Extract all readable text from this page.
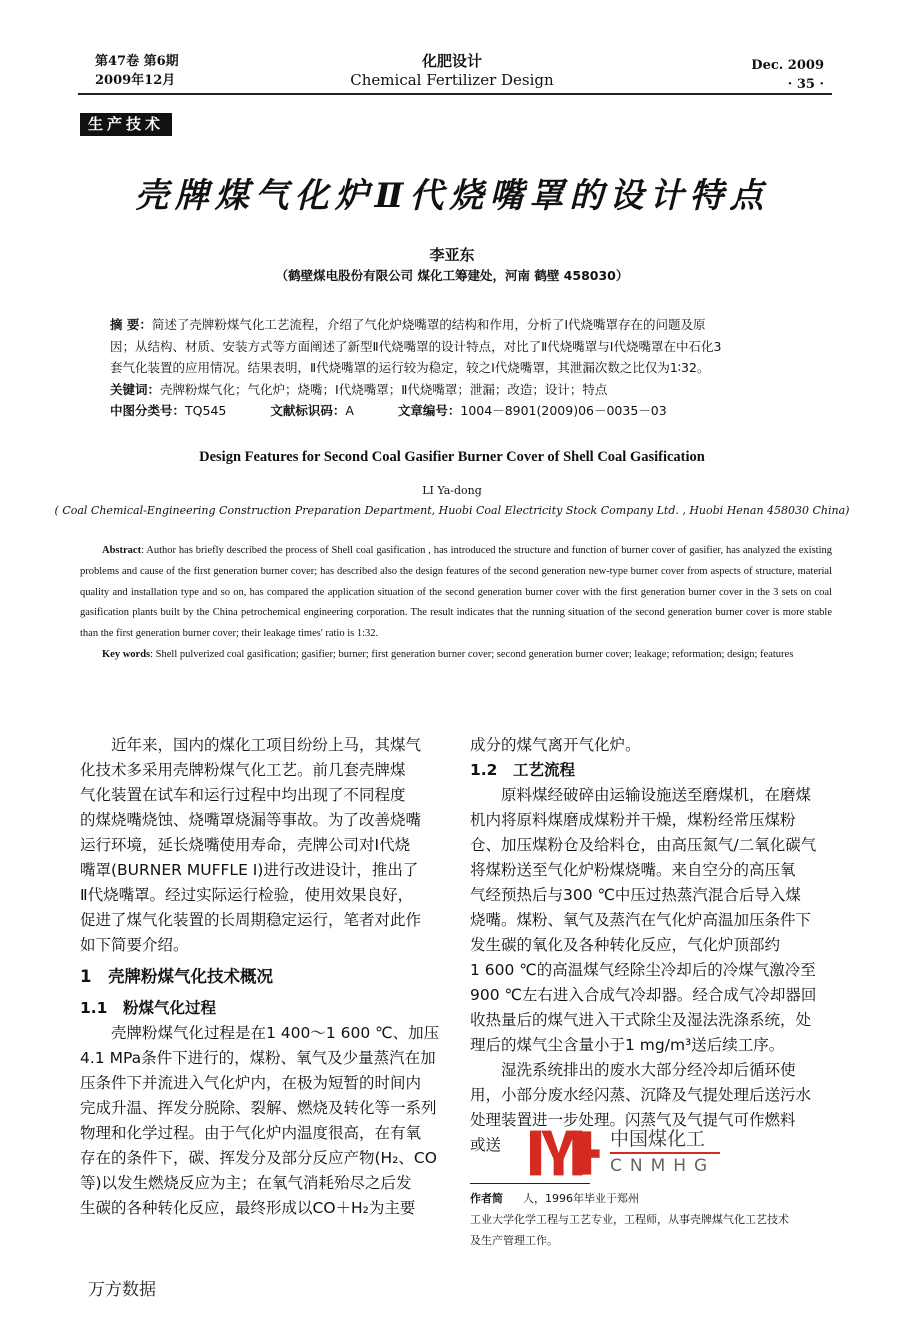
第47卷 第6期
2009年12月
化肥设计
Chemical Fertilizer Design
Dec. 2009
· 35 ·
生产技术
壳牌煤气化炉Ⅱ代烧嘴罩的设计特点
李亚东
（鹤壁煤电股份有限公司 煤化工筹建处，河南 鹤壁 458030）
摘 要：简述了壳牌粉煤气化工艺流程，介绍了气化炉烧嘴罩的结构和作用，分析了Ⅰ代烧嘴罩存在的问题及原
因；从结构、材质、安装方式等方面阐述了新型Ⅱ代烧嘴罩的设计特点，对比了Ⅱ代烧嘴罩与Ⅰ代烧嘴罩在中石化3
套气化装置的应用情况。结果表明，Ⅱ代烧嘴罩的运行较为稳定，较之Ⅰ代烧嘴罩，其泄漏次数之比仅为1∶32。
关键词：壳牌粉煤气化；气化炉；烧嘴；Ⅰ代烧嘴罩；Ⅱ代烧嘴罩；泄漏；改造；设计；特点
中图分类号：TQ545	文献标识码：A	文章编号：1004－8901(2009)06－0035－03
Design Features for Second Coal Gasifier Burner Cover of Shell Coal Gasification
LI Ya-dong
( Coal Chemical-Engineering Construction Preparation Department, Huobi Coal Electricity Stock Company Ltd. , Huobi Henan 458030 China)
Abstract: Author has briefly described the process of Shell coal gasification , has introduced the structure and function of burner cover of gasifier, has analyzed the existing problems and cause of the first generation burner cover; has described also the design features of the second generation new-type burner cover from aspects of structure, material quality and installation type and so on, has compared the application situation of the second generation burner cover with the first generation burner cover in the 3 sets on coal gasification plants built by the China petrochemical engineering corporation. The result indicates that the running situation of the second generation burner cover is more stable than the first generation burner cover; their leakage times' ratio is 1:32.
Key words: Shell pulverized coal gasification; gasifier; burner; first generation burner cover; second generation burner cover; leakage; reformation; design; features
近年来，国内的煤化工项目纷纷上马，其煤气
化技术多采用壳牌粉煤气化工艺。前几套壳牌煤
气化装置在试车和运行过程中均出现了不同程度
的煤烧嘴烧蚀、烧嘴罩烧漏等事故。为了改善烧嘴
运行环境，延长烧嘴使用寿命，壳牌公司对Ⅰ代烧
嘴罩(BURNER MUFFLE Ⅰ)进行改进设计，推出了
Ⅱ代烧嘴罩。经过实际运行检验，使用效果良好，
促进了煤气化装置的长周期稳定运行，笔者对此作
如下简要介绍。
1　壳牌粉煤气化技术概况
1.1　粉煤气化过程
壳牌粉煤气化过程是在1 400～1 600 ℃、加压
4.1 MPa条件下进行的，煤粉、氧气及少量蒸汽在加
压条件下并流进入气化炉内，在极为短暂的时间内
完成升温、挥发分脱除、裂解、燃烧及转化等一系列
物理和化学过程。由于气化炉内温度很高，在有氧
存在的条件下，碳、挥发分及部分反应产物(H₂、CO
等)以发生燃烧反应为主；在氧气消耗殆尽之后发
生碳的各种转化反应，最终形成以CO＋H₂为主要
成分的煤气离开气化炉。
1.2　工艺流程
原料煤经破碎由运输设施送至磨煤机，在磨煤
机内将原料煤磨成煤粉并干燥，煤粉经常压煤粉
仓、加压煤粉仓及给料仓，由高压氮气/二氧化碳气
将煤粉送至气化炉粉煤烧嘴。来自空分的高压氧
气经预热后与300 ℃中压过热蒸汽混合后导入煤
烧嘴。煤粉、氧气及蒸汽在气化炉高温加压条件下
发生碳的氧化及各种转化反应，气化炉顶部约
1 600 ℃的高温煤气经除尘冷却后的冷煤气激冷至
900 ℃左右进入合成气冷却器。经合成气冷却器回
收热量后的煤气进入干式除尘及湿法洗涤系统，处
理后的煤气尘含量小于1 mg/m³送后续工序。
湿洗系统排出的废水大部分经冷却后循环使
用，小部分废水经闪蒸、沉降及气提处理后送污水
处理装置进一步处理。闪蒸气及气提气可作燃料
或送	中国煤化工
CNMHG
作者简 人，1996年毕业于郑州
工业大学化学工程与工艺专业，工程师，从事壳牌煤气化工艺技术
及生产管理工作。
万方数据
